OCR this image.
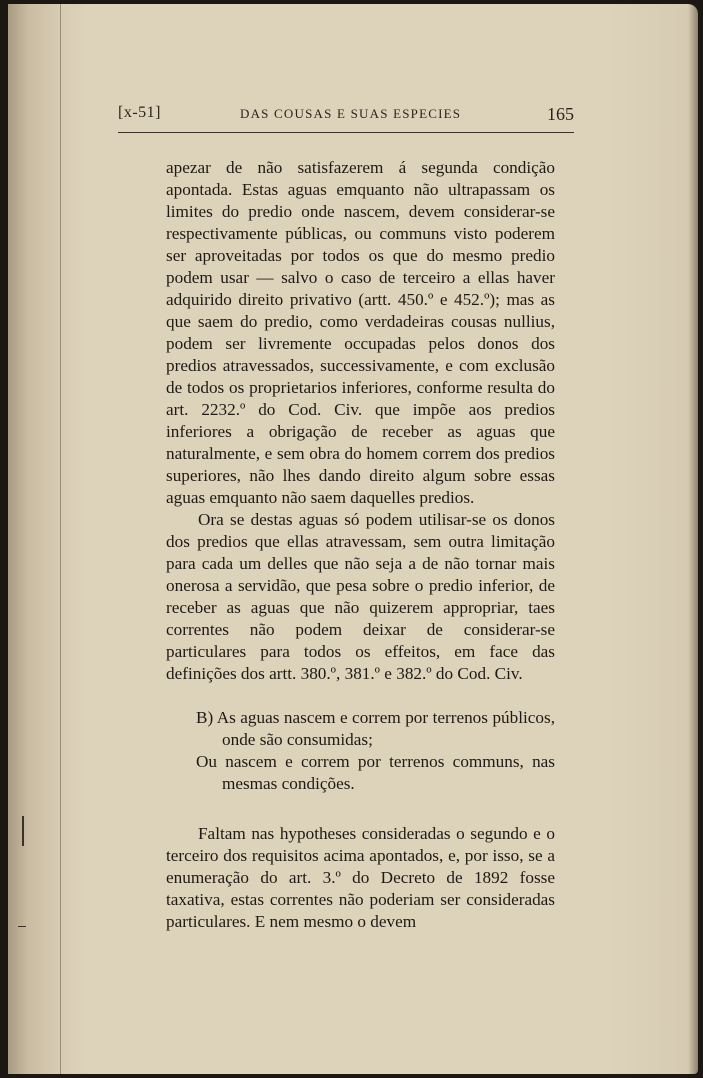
[x-51]	DAS COUSAS E SUAS ESPECIES	165

apezar de não satisfazerem á segunda condição apontada. Estas aguas emquanto não ultrapassam os limites do predio onde nascem, devem considerar-se respectivamente públicas, ou communs visto poderem ser aproveitadas por todos os que do mesmo predio podem usar — salvo o caso de terceiro a ellas haver adquirido direito privativo (artt. 450.º e 452.º); mas as que saem do predio, como verdadeiras cousas nullius, podem ser livremente occupadas pelos donos dos predios atravessados, successivamente, e com exclusão de todos os proprietarios inferiores, conforme resulta do art. 2232.º do Cod. Civ. que impõe aos predios inferiores a obrigação de receber as aguas que naturalmente, e sem obra do homem correm dos predios superiores, não lhes dando direito algum sobre essas aguas emquanto não saem daquelles predios.

Ora se destas aguas só podem utilisar-se os donos dos predios que ellas atravessam, sem outra limitação para cada um delles que não seja a de não tornar mais onerosa a servidão, que pesa sobre o predio inferior, de receber as aguas que não quizerem appropriar, taes correntes não podem deixar de considerar-se particulares para todos os effeitos, em face das definições dos artt. 380.º, 381.º e 382.º do Cod. Civ.

B) As aguas nascem e correm por terrenos públicos, onde são consumidas;

Ou nascem e correm por terrenos communs, nas mesmas condições.

Faltam nas hypotheses consideradas o segundo e o terceiro dos requisitos acima apontados, e, por isso, se a enumeração do art. 3.º do Decreto de 1892 fosse taxativa, estas correntes não poderiam ser consideradas particulares. E nem mesmo o devem
